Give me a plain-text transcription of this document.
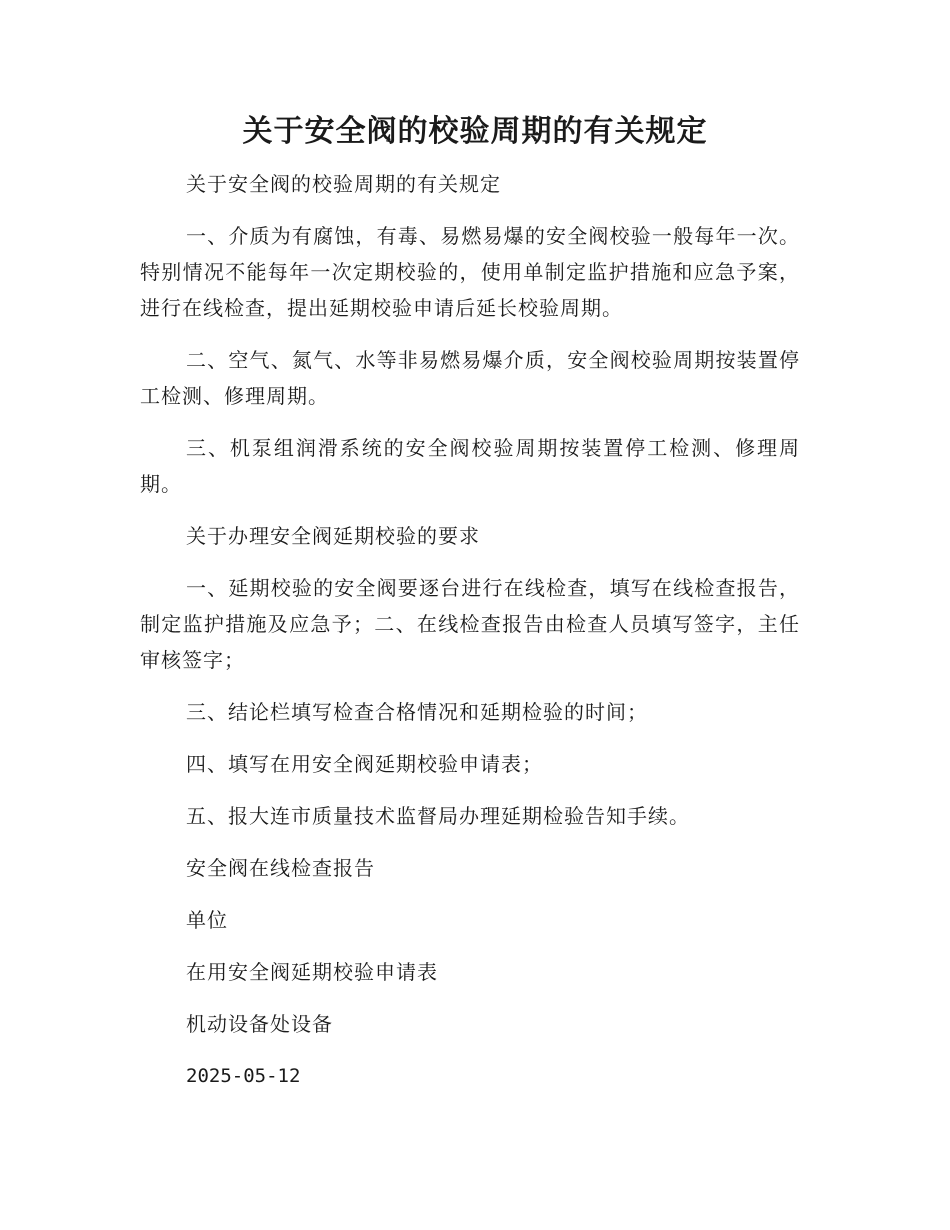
关于安全阀的校验周期的有关规定

关于安全阀的校验周期的有关规定

一、介质为有腐蚀，有毒、易燃易爆的安全阀校验一般每年一次。特别情况不能每年一次定期校验的，使用单制定监护措施和应急予案，进行在线检查，提出延期校验申请后延长校验周期。

二、空气、氮气、水等非易燃易爆介质，安全阀校验周期按装置停工检测、修理周期。

三、机泵组润滑系统的安全阀校验周期按装置停工检测、修理周期。

关于办理安全阀延期校验的要求

一、延期校验的安全阀要逐台进行在线检查，填写在线检查报告，制定监护措施及应急予；二、在线检查报告由检查人员填写签字，主任审核签字；

三、结论栏填写检查合格情况和延期检验的时间；

四、填写在用安全阀延期校验申请表；

五、报大连市质量技术监督局办理延期检验告知手续。

安全阀在线检查报告

单位

在用安全阀延期校验申请表

机动设备处设备

2025-05-12
